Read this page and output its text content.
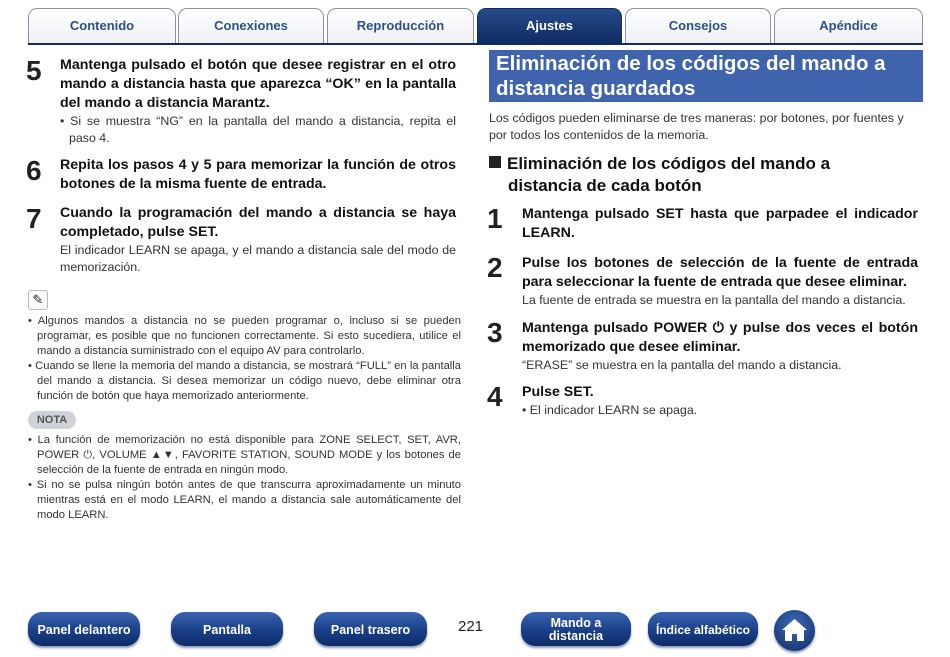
Contenido	Conexiones	Reproducción	Ajustes	Consejos	Apéndice
5 Mantenga pulsado el botón que desee registrar en el otro mando a distancia hasta que aparezca “OK” en la pantalla del mando a distancia Marantz.
• Si se muestra “NG” en la pantalla del mando a distancia, repita el paso 4.
6 Repita los pasos 4 y 5 para memorizar la función de otros botones de la misma fuente de entrada.
7 Cuando la programación del mando a distancia se haya completado, pulse SET.
El indicador LEARN se apaga, y el mando a distancia sale del modo de memorización.
✎

• Algunos mandos a distancia no se pueden programar o, incluso si se pueden programar, es posible que no funcionen correctamente. Si esto sucediera, utilice el mando a distancia suministrado con el equipo AV para controlarlo.

• Cuando se llene la memoria del mando a distancia, se mostrará “FULL” en la pantalla del mando a distancia. Si desea memorizar un código nuevo, debe eliminar otra función de botón que haya memorizado anteriormente.

NOTA

• La función de memorización no está disponible para ZONE SELECT, SET, AVR, POWER ⏻, VOLUME ▲▼, FAVORITE STATION, SOUND MODE y los botones de selección de la fuente de entrada en ningún modo.

• Si no se pulsa ningún botón antes de que transcurra aproximadamente un minuto mientras está en el modo LEARN, el mando a distancia sale automáticamente del modo LEARN.

Eliminación de los códigos del mando a distancia guardados
Los códigos pueden eliminarse de tres maneras: por botones, por fuentes y por todos los contenidos de la memoria.
Eliminación de los códigos del mando a
distancia de cada botón
1 Mantenga pulsado SET hasta que parpadee el indicador LEARN.
2 Pulse los botones de selección de la fuente de entrada para seleccionar la fuente de entrada que desee eliminar.
La fuente de entrada se muestra en la pantalla del mando a distancia.
3 Mantenga pulsado POWER ⏻ y pulse dos veces el botón memorizado que desee eliminar.
“ERASE” se muestra en la pantalla del mando a distancia.
4 Pulse SET.
• El indicador LEARN se apaga.
Panel delantero	Pantalla	Panel trasero	221	Mando a
distancia	Índice alfabético
